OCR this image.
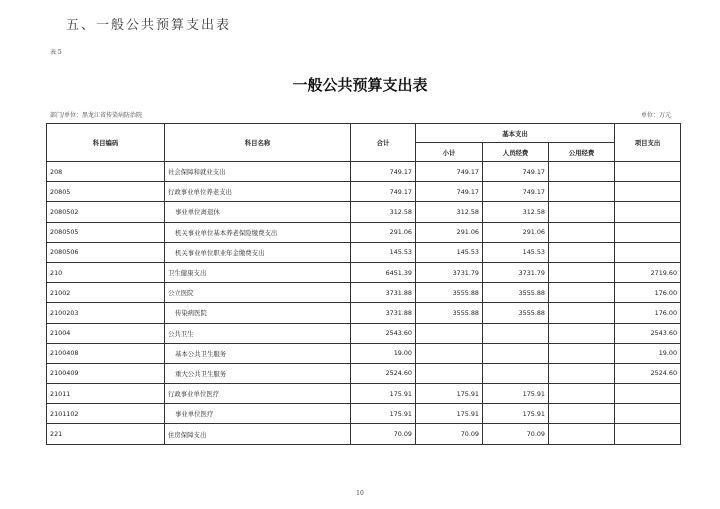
五、一般公共预算支出表
表 5
一般公共预算支出表
部门/单位：黑龙江省传染病防治院	单位：万元
科目编码	科目名称	合计	基本支出			项目支出
			小计	人员经费	公用经费	
208	社会保障和就业支出	749.17	749.17	749.17		
20805	行政事业单位养老支出	749.17	749.17	749.17		
2080502	事业单位离退休	312.58	312.58	312.58		
2080505	机关事业单位基本养老保险缴费支出	291.06	291.06	291.06		
2080506	机关事业单位职业年金缴费支出	145.53	145.53	145.53		
210	卫生健康支出	6451.39	3731.79	3731.79		2719.60
21002	公立医院	3731.88	3555.88	3555.88		176.00
2100203	传染病医院	3731.88	3555.88	3555.88		176.00
21004	公共卫生	2543.60				2543.60
2100408	基本公共卫生服务	19.00				19.00
2100409	重大公共卫生服务	2524.60				2524.60
21011	行政事业单位医疗	175.91	175.91	175.91		
2101102	事业单位医疗	175.91	175.91	175.91		
221	住房保障支出	70.09	70.09	70.09		
10
